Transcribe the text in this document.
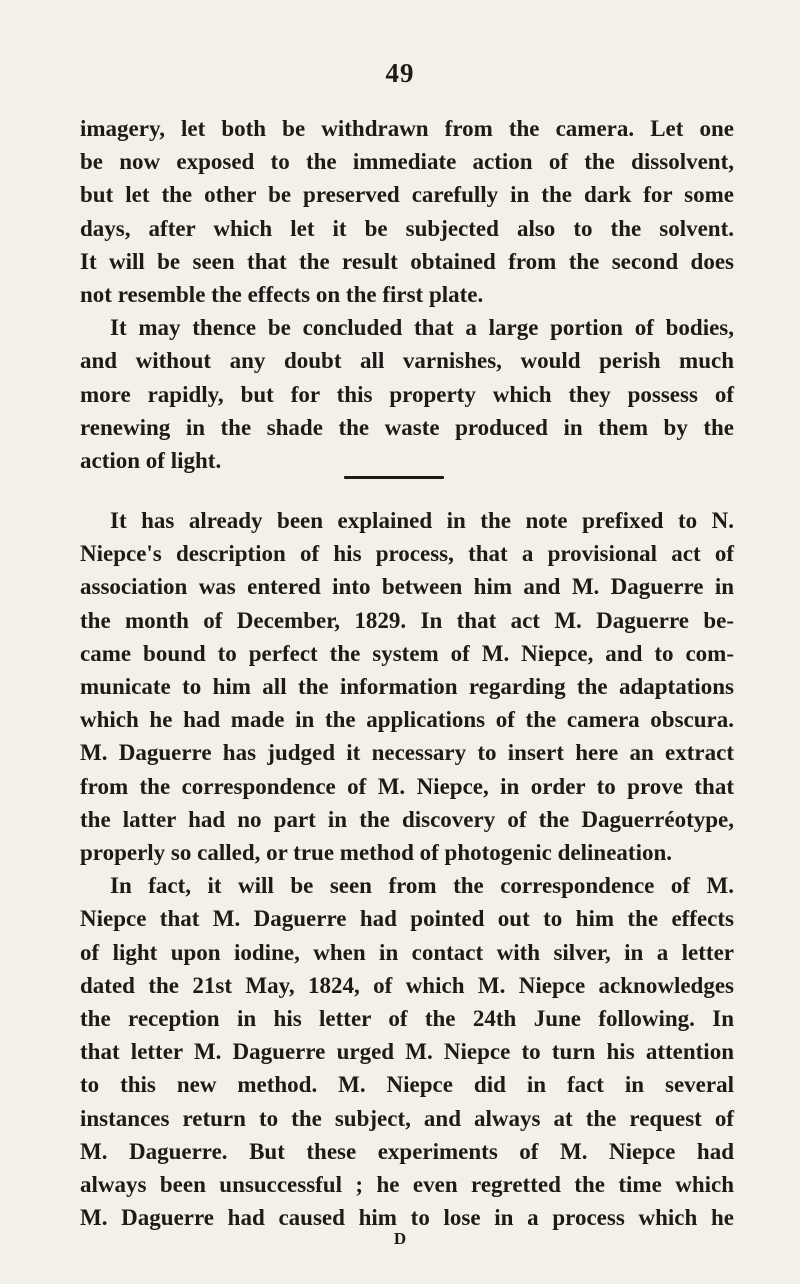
49
imagery, let both be withdrawn from the camera. Let one
be now exposed to the immediate action of the dissolvent,
but let the other be preserved carefully in the dark for some
days, after which let it be subjected also to the solvent.
It will be seen that the result obtained from the second does
not resemble the effects on the first plate.
It may thence be concluded that a large portion of bodies,
and without any doubt all varnishes, would perish much
more rapidly, but for this property which they possess of
renewing in the shade the waste produced in them by the
action of light.
It has already been explained in the note prefixed to N.
Niepce's description of his process, that a provisional act of
association was entered into between him and M. Daguerre in
the month of December, 1829. In that act M. Daguerre be-
came bound to perfect the system of M. Niepce, and to com-
municate to him all the information regarding the adaptations
which he had made in the applications of the camera obscura.
M. Daguerre has judged it necessary to insert here an extract
from the correspondence of M. Niepce, in order to prove that
the latter had no part in the discovery of the Daguerréotype,
properly so called, or true method of photogenic delineation.
In fact, it will be seen from the correspondence of M.
Niepce that M. Daguerre had pointed out to him the effects
of light upon iodine, when in contact with silver, in a letter
dated the 21st May, 1824, of which M. Niepce acknowledges
the reception in his letter of the 24th June following. In
that letter M. Daguerre urged M. Niepce to turn his attention
to this new method. M. Niepce did in fact in several
instances return to the subject, and always at the request of
M. Daguerre. But these experiments of M. Niepce had
always been unsuccessful ; he even regretted the time which
M. Daguerre had caused him to lose in a process which he
D
